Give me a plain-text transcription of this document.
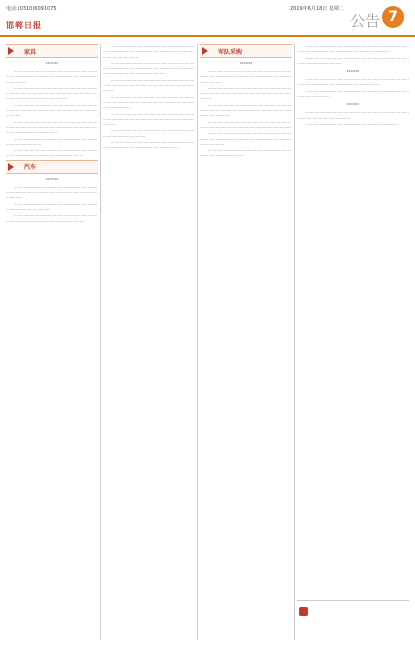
电话:(0310)6091075
邯郸日报
2019年6月18日 星期二
公告 7
家具
······

··································································································································································

····································································································································································································

·····························································································································································

····························································································································································································

··································································································

·····································································································································

汽车
······

·······························································································································································

·········································································································

······································································································································

···············································································································································································

·····································································································································································································

··························································································································································

········································································································································································

···························································································································································

········································································································

···································································································································

军队采购
······

····································································································································································

···························································································································································

··········································································································································································

·················································································································································

·····································································································································································

·········································································································

···································································································································································

···························································································································

······

···························································································································································

·················································································································

······

··································································································································

··············································································
